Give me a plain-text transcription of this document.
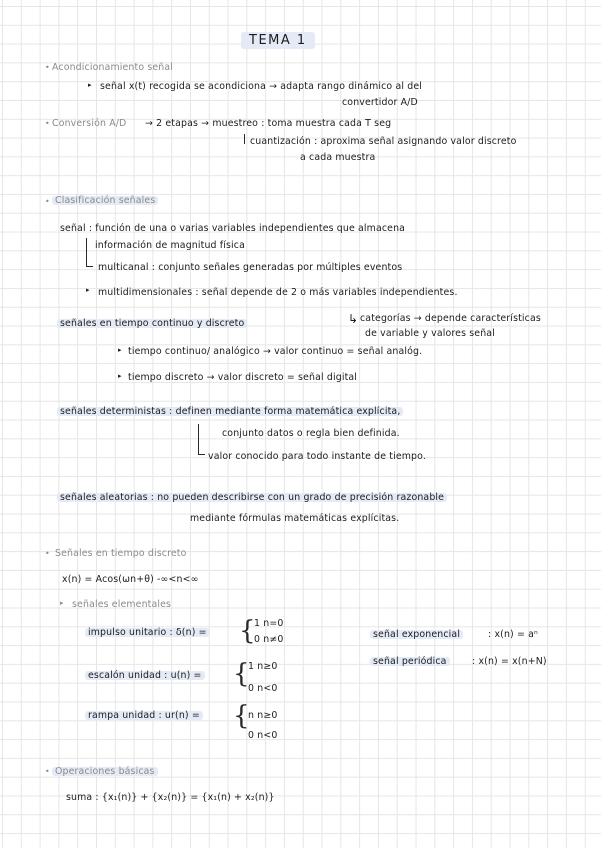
TEMA 1
• Acondicionamiento señal
▸ señal x(t) recogida se acondiciona → adapta rango dinámico al del
convertidor A/D
• Conversión A/D → 2 etapas → muestreo : toma muestra cada T seg
cuantización : aproxima señal asignando valor discreto
a cada muestra
• Clasificación señales
señal : función de una o varias variables independientes que almacena
información de magnitud física
multicanal : conjunto señales generadas por múltiples eventos
▸ multidimensionales : señal depende de 2 o más variables independientes.
señales en tiempo continuo y discreto	↳ categorías → depende características
de variable y valores señal
▸ tiempo continuo/ analógico → valor continuo = señal analóg.
▸ tiempo discreto → valor discreto = señal digital
señales deterministas : definen mediante forma matemática explícita,
conjunto datos o regla bien definida.
valor conocido para todo instante de tiempo.
señales aleatorias : no pueden describirse con un grado de precisión razonable
mediante fórmulas matemáticas explícitas.
• Señales en tiempo discreto
x(n) = Acos(ωn+θ) -∞<n<∞
▸ señales elementales
impulso unitario : δ(n) = {
1 n=0
0 n≠0
escalón unidad : u(n) = {
1 n≥0
0 n<0
rampa unidad : ur(n) = {
n n≥0
0 n<0
señal exponencial	: x(n) = aⁿ
señal periódica	: x(n) = x(n+N)
• Operaciones básicas
suma : {x₁(n)} + {x₂(n)} = {x₁(n) + x₂(n)}
